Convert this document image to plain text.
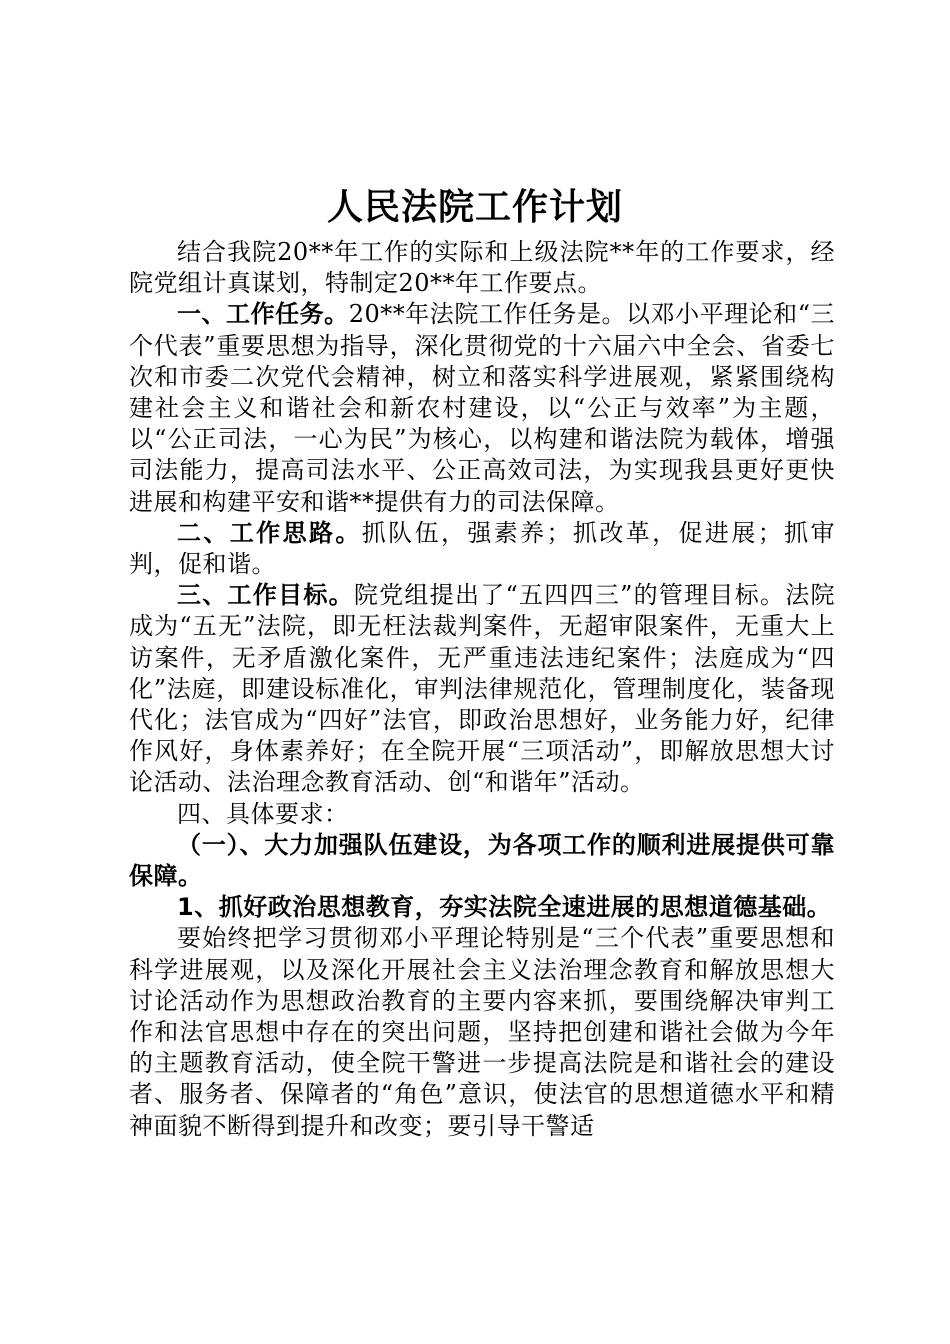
人民法院工作计划

结合我院20**年工作的实际和上级法院**年的工作要求，经院党组计真谋划，特制定20**年工作要点。

一、工作任务。20**年法院工作任务是。以邓小平理论和“三个代表”重要思想为指导，深化贯彻党的十六届六中全会、省委七次和市委二次党代会精神，树立和落实科学进展观，紧紧围绕构建社会主义和谐社会和新农村建设，以“公正与效率”为主题，以“公正司法，一心为民”为核心，以构建和谐法院为载体，增强司法能力，提高司法水平、公正高效司法，为实现我县更好更快进展和构建平安和谐**提供有力的司法保障。

二、工作思路。抓队伍，强素养；抓改革，促进展；抓审判，促和谐。

三、工作目标。院党组提出了“五四四三”的管理目标。法院成为“五无”法院，即无枉法裁判案件，无超审限案件，无重大上访案件，无矛盾激化案件，无严重违法违纪案件；法庭成为“四化”法庭，即建设标准化，审判法律规范化，管理制度化，装备现代化；法官成为“四好”法官，即政治思想好，业务能力好，纪律作风好，身体素养好；在全院开展“三项活动”，即解放思想大讨论活动、法治理念教育活动、创“和谐年”活动。

四、具体要求：

（一）、大力加强队伍建设，为各项工作的顺利进展提供可靠保障。

1、抓好政治思想教育，夯实法院全速进展的思想道德基础。

要始终把学习贯彻邓小平理论特别是“三个代表”重要思想和科学进展观，以及深化开展社会主义法治理念教育和解放思想大讨论活动作为思想政治教育的主要内容来抓，要围绕解决审判工作和法官思想中存在的突出问题，坚持把创建和谐社会做为今年的主题教育活动，使全院干警进一步提高法院是和谐社会的建设者、服务者、保障者的“角色”意识，使法官的思想道德水平和精神面貌不断得到提升和改变；要引导干警适
